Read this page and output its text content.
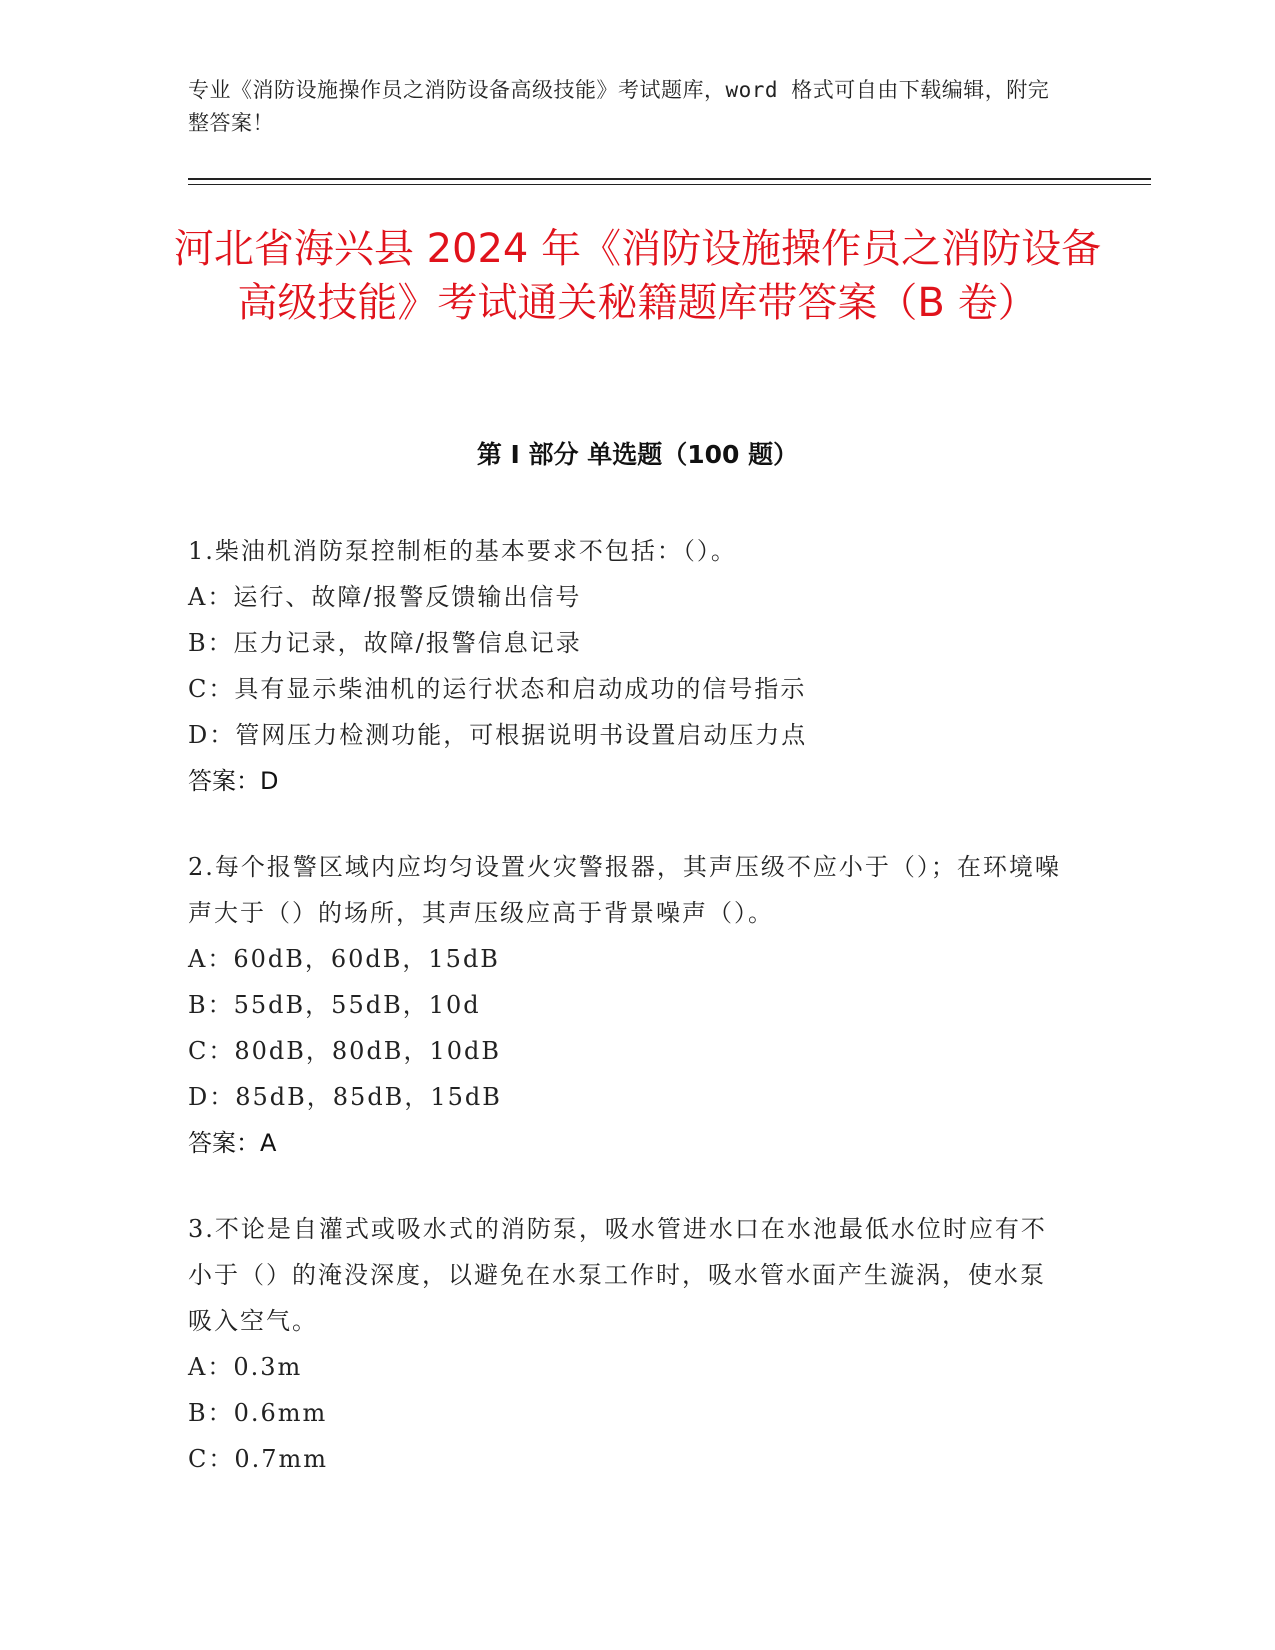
专业《消防设施操作员之消防设备高级技能》考试题库，word 格式可自由下载编辑，附完整答案！
河北省海兴县 2024 年《消防设施操作员之消防设备高级技能》考试通关秘籍题库带答案（B 卷）
第 I 部分 单选题（100 题）
1.柴油机消防泵控制柜的基本要求不包括：（）。
A：运行、故障/报警反馈输出信号
B：压力记录，故障/报警信息记录
C：具有显示柴油机的运行状态和启动成功的信号指示
D：管网压力检测功能，可根据说明书设置启动压力点
答案：D
2.每个报警区域内应均匀设置火灾警报器，其声压级不应小于（）；在环境噪声大于（）的场所，其声压级应高于背景噪声（）。
A：60dB，60dB，15dB
B：55dB，55dB，10d
C：80dB，80dB，10dB
D：85dB，85dB，15dB
答案：A
3.不论是自灌式或吸水式的消防泵，吸水管进水口在水池最低水位时应有不小于（）的淹没深度，以避免在水泵工作时，吸水管水面产生漩涡，使水泵吸入空气。
A：0.3m
B：0.6mm
C：0.7mm
